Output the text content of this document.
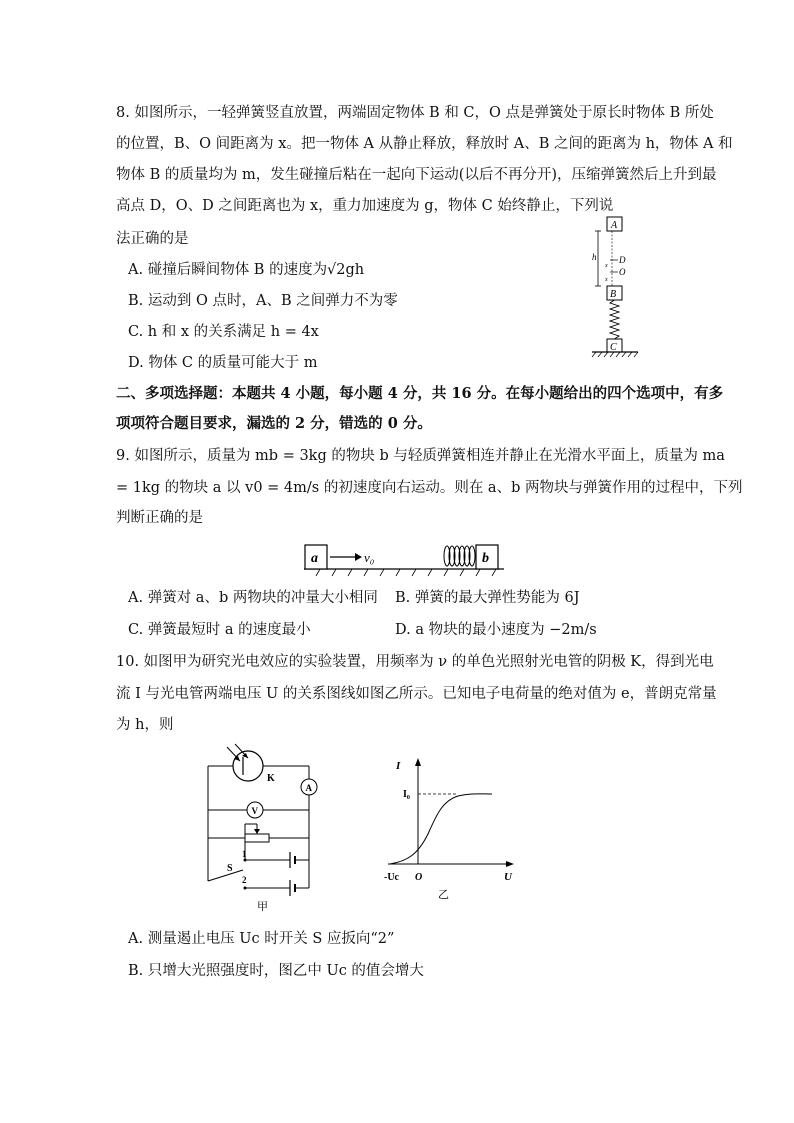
8. 如图所示，一轻弹簧竖直放置，两端固定物体 B 和 C，O 点是弹簧处于原长时物体 B 所处
的位置，B、O 间距离为 x。把一物体 A 从静止释放，释放时 A、B 之间的距离为 h，物体 A 和
物体 B 的质量均为 m，发生碰撞后粘在一起向下运动(以后不再分开)，压缩弹簧然后上升到最
高点 D，O、D 之间距离也为 x，重力加速度为 g，物体 C 始终静止，下列说
法正确的是
A. 碰撞后瞬间物体 B 的速度为√2gh
B. 运动到 O 点时，A、B 之间弹力不为零
C. h 和 x 的关系满足 h = 4x
D. 物体 C 的质量可能大于 m
A
h	D
O
x
x
B
C
二、多项选择题：本题共 4 小题，每小题 4 分，共 16 分。在每小题给出的四个选项中，有多
项项符合题目要求，漏选的 2 分，错选的 0 分。
9. 如图所示，质量为 mb = 3kg 的物块 b 与轻质弹簧相连并静止在光滑水平面上，质量为 ma
= 1kg 的物块 a 以 v0 = 4m/s 的初速度向右运动。则在 a、b 两物块与弹簧作用的过程中，下列
判断正确的是
a	v₀	b
A. 弹簧对 a、b 两物块的冲量大小相同 B. 弹簧的最大弹性势能为 6J
C. 弹簧最短时 a 的速度最小	D. a 物块的最小速度为 −2m/s
10. 如图甲为研究光电效应的实验装置，用频率为 ν 的单色光照射光电管的阴极 K，得到光电
流 I 与光电管两端电压 U 的关系图线如图乙所示。已知电子电荷量的绝对值为 e，普朗克常量
为 h，则
K
A
V
1
S
2
甲
I
U
I₀
-Uc O
乙
A. 测量遏止电压 Uc 时开关 S 应扳向“2”
B. 只增大光照强度时，图乙中 Uc 的值会增大
